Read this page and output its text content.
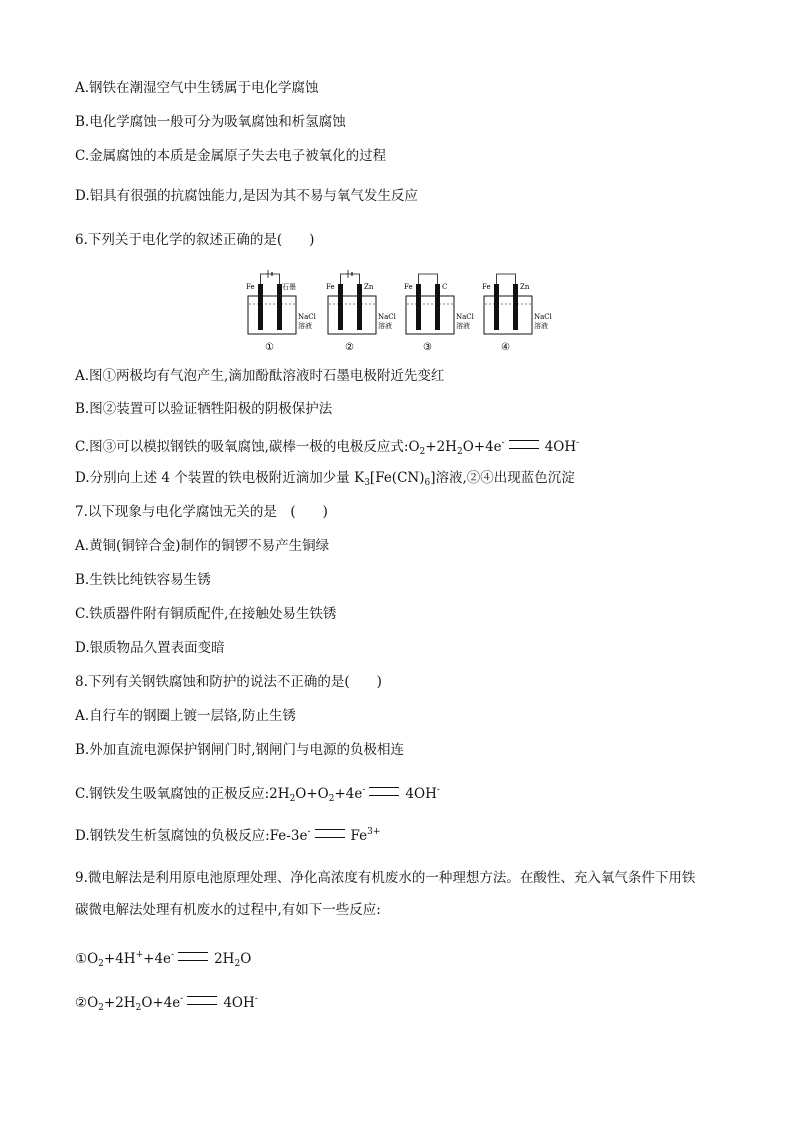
A.钢铁在潮湿空气中生锈属于电化学腐蚀
B.电化学腐蚀一般可分为吸氧腐蚀和析氢腐蚀
C.金属腐蚀的本质是金属原子失去电子被氧化的过程
D.铝具有很强的抗腐蚀能力,是因为其不易与氧气发生反应
6.下列关于电化学的叙述正确的是(　　)
Fe	石墨
NaCl
溶液
①
Fe	Zn
NaCl
溶液
②
Fe	C
NaCl
溶液
③
Fe	Zn
NaCl
溶液
④
A.图①两极均有气泡产生,滴加酚酞溶液时石墨电极附近先变红
B.图②装置可以验证牺牲阳极的阴极保护法
C.图③可以模拟钢铁的吸氧腐蚀,碳棒一极的电极反应式$:O_2+2H_2O+4e^-$	4OH-
D.分别向上述 4 个装置的铁电极附近滴加少量 $K_3[Fe(CN)_6]$溶液,②④出现蓝色沉淀
7.以下现象与电化学腐蚀无关的是　(　　)
A.黄铜(铜锌合金)制作的铜锣不易产生铜绿
B.生铁比纯铁容易生锈
C.铁质器件附有铜质配件,在接触处易生铁锈
D.银质物品久置表面变暗
8.下列有关钢铁腐蚀和防护的说法不正确的是(　　)
A.自行车的钢圈上镀一层铬,防止生锈
B.外加直流电源保护钢闸门时,钢闸门与电源的负极相连
C.钢铁发生吸氧腐蚀的正极反应$:2H_2O+O_2+4e^-$	4OH-
D.钢铁发生析氢腐蚀的负极反应:Fe-3e-	$Fe^{3+}$
9.微电解法是利用原电池原理处理、净化高浓度有机废水的一种理想方法。在酸性、充入氧气条件下用铁
碳微电解法处理有机废水的过程中,有如下一些反应:
$①O_2+4H^++4e^-$	$2H_2O$
$②O_2+2H_2O+4e^-$	4OH-
